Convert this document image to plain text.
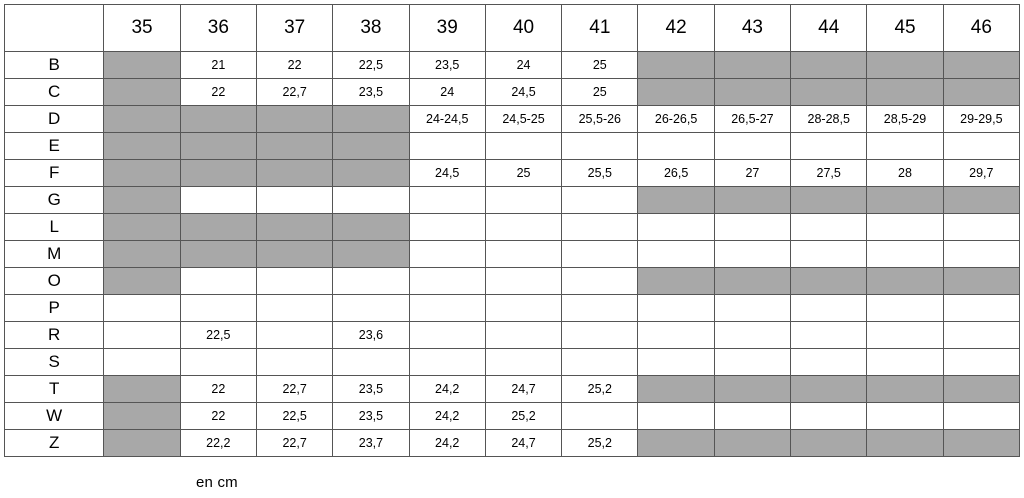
	35	36	37	38	39	40	41	42	43	44	45	46
B		21	22	22,5	23,5	24	25					
C		22	22,7	23,5	24	24,5	25					
D					24-24,5	24,5-25	25,5-26	26-26,5	26,5-27	28-28,5	28,5-29	29-29,5
E												
F					24,5	25	25,5	26,5	27	27,5	28	29,7
G												
L												
M												
O												
P												
R		22,5		23,6								
S												
T		22	22,7	23,5	24,2	24,7	25,2					
W		22	22,5	23,5	24,2	25,2						
Z		22,2	22,7	23,7	24,2	24,7	25,2					
en cm
